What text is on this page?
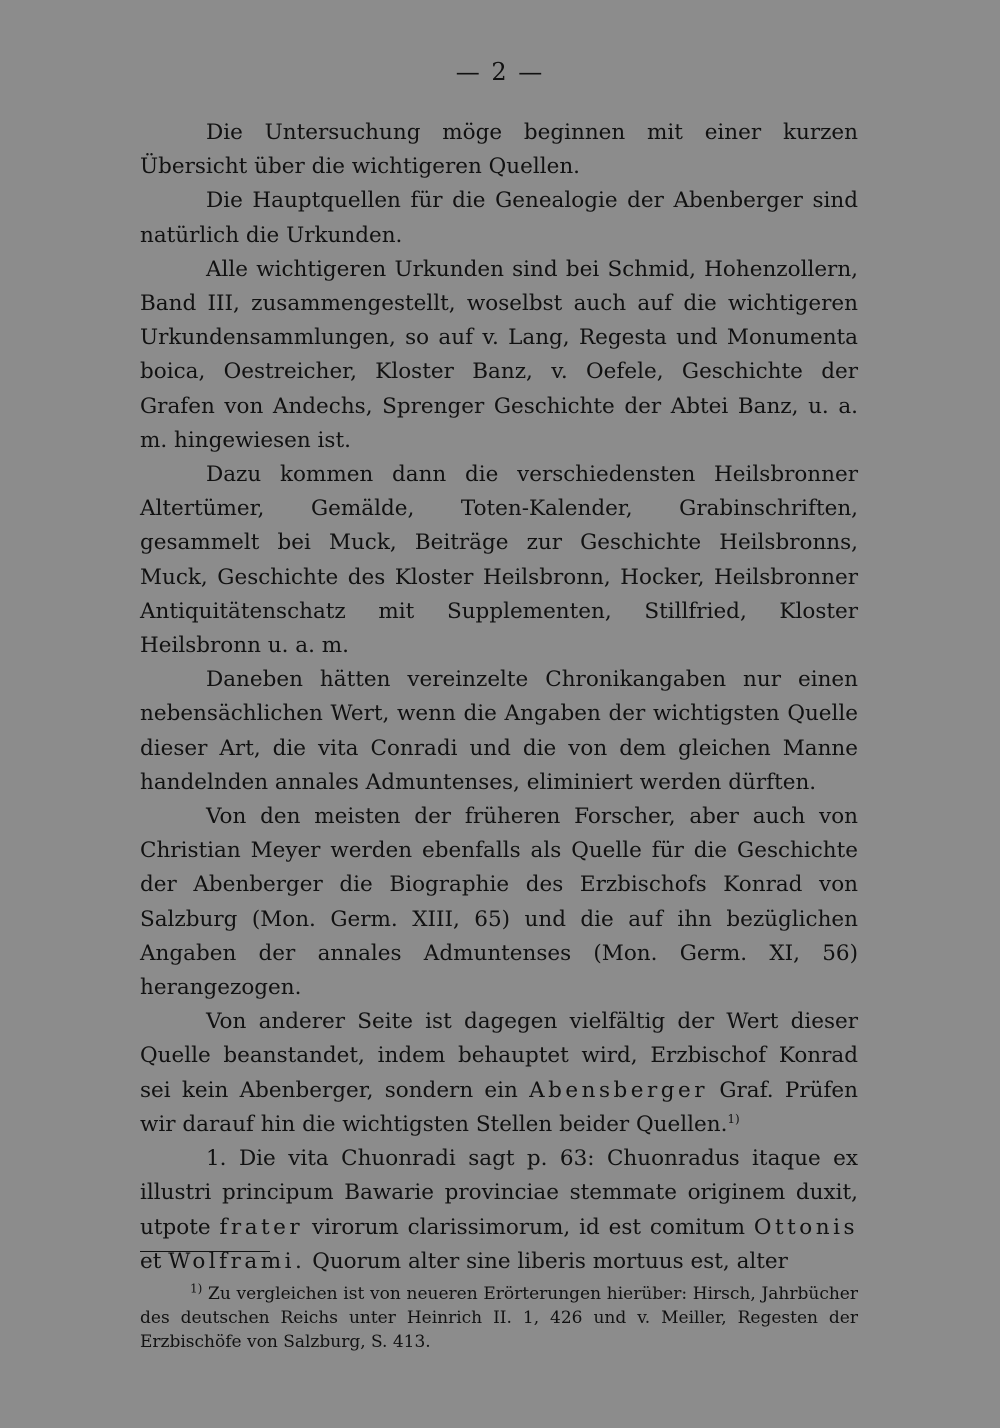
— 2 —

Die Untersuchung möge beginnen mit einer kurzen Übersicht über die wichtigeren Quellen.

Die Hauptquellen für die Genealogie der Abenberger sind natürlich die Urkunden.

Alle wichtigeren Urkunden sind bei Schmid, Hohenzollern, Band III, zusammengestellt, woselbst auch auf die wichtigeren Urkundensammlungen, so auf v. Lang, Regesta und Monumenta boica, Oestreicher, Kloster Banz, v. Oefele, Geschichte der Grafen von Andechs, Sprenger Geschichte der Abtei Banz, u. a. m. hingewiesen ist.

Dazu kommen dann die verschiedensten Heilsbronner Altertümer, Gemälde, Toten-Kalender, Grabinschriften, gesammelt bei Muck, Beiträge zur Geschichte Heilsbronns, Muck, Geschichte des Kloster Heilsbronn, Hocker, Heilsbronner Antiquitätenschatz mit Supplementen, Stillfried, Kloster Heilsbronn u. a. m.

Daneben hätten vereinzelte Chronikangaben nur einen nebensächlichen Wert, wenn die Angaben der wichtigsten Quelle dieser Art, die vita Conradi und die von dem gleichen Manne handelnden annales Admuntenses, eliminiert werden dürften.

Von den meisten der früheren Forscher, aber auch von Christian Meyer werden ebenfalls als Quelle für die Geschichte der Abenberger die Biographie des Erzbischofs Konrad von Salzburg (Mon. Germ. XIII, 65) und die auf ihn bezüglichen Angaben der annales Admuntenses (Mon. Germ. XI, 56) herangezogen.

Von anderer Seite ist dagegen vielfältig der Wert dieser Quelle beanstandet, indem behauptet wird, Erzbischof Konrad sei kein Abenberger, sondern ein Abensberger Graf. Prüfen wir darauf hin die wichtigsten Stellen beider Quellen.$^{1)}$

1. Die vita Chuonradi sagt p. 63: Chuonradus itaque ex illustri principum Bawarie provinciae stemmate originem duxit, utpote frater virorum clarissimorum, id est comitum Ottonis et Wolframi. Quorum alter sine liberis mortuus est, alter

$^{1)}$ Zu vergleichen ist von neueren Erörterungen hierüber: Hirsch, Jahrbücher des deutschen Reichs unter Heinrich II. 1, 426 und v. Meiller, Regesten der Erzbischöfe von Salzburg, S. 413.
